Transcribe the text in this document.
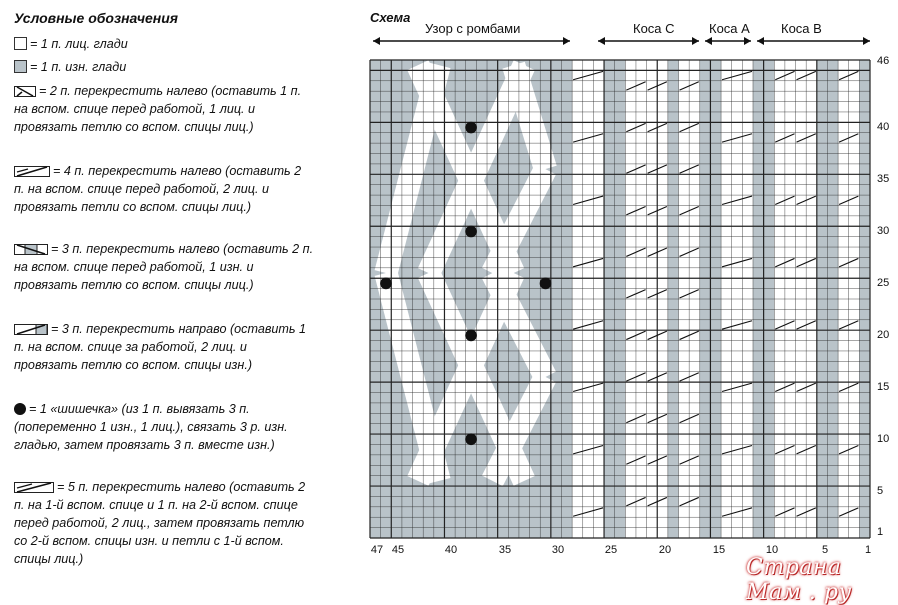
Условные обозначения
= 1 п. лиц. глади
= 1 п. изн. глади
= 2 п. перекрестить налево (оставить 1 п. на вспом. спице перед работой, 1 лиц. и провязать петлю со вспом. спицы лиц.)
= 4 п. перекрестить налево (оставить 2 п. на вспом. спице перед работой, 2 лиц. и провязать петли со вспом. спицы лиц.)
= 3 п. перекрестить налево (оставить 2 п. на вспом. спице перед работой, 1 изн. и провязать петлю со вспом. спицы лиц.)
= 3 п. перекрестить направо (оставить 1 п. на вспом. спице за работой, 2 лиц. и провязать петлю со вспом. спицы изн.)
= 1 «шишечка» (из 1 п. вывязать 3 п. (попеременно 1 изн., 1 лиц.), связать 3 р. изн. гладью, затем провязать 3 п. вместе изн.)
= 5 п. перекрестить налево (оставить 2 п. на 1-й вспом. спице и 1 п. на 2-й вспом. спице перед работой, 2 лиц., затем провязать петлю со 2-й вспом. спицы изн. и петли с 1-й вспом. спицы лиц.)
Схема
Узор с ромбами	Коса С	Коса А Коса В
46
40
35
30
25
20
15
10
5
1
47 45	40	35	30	25	20	15	10	5	1
Страна Мам . ру
